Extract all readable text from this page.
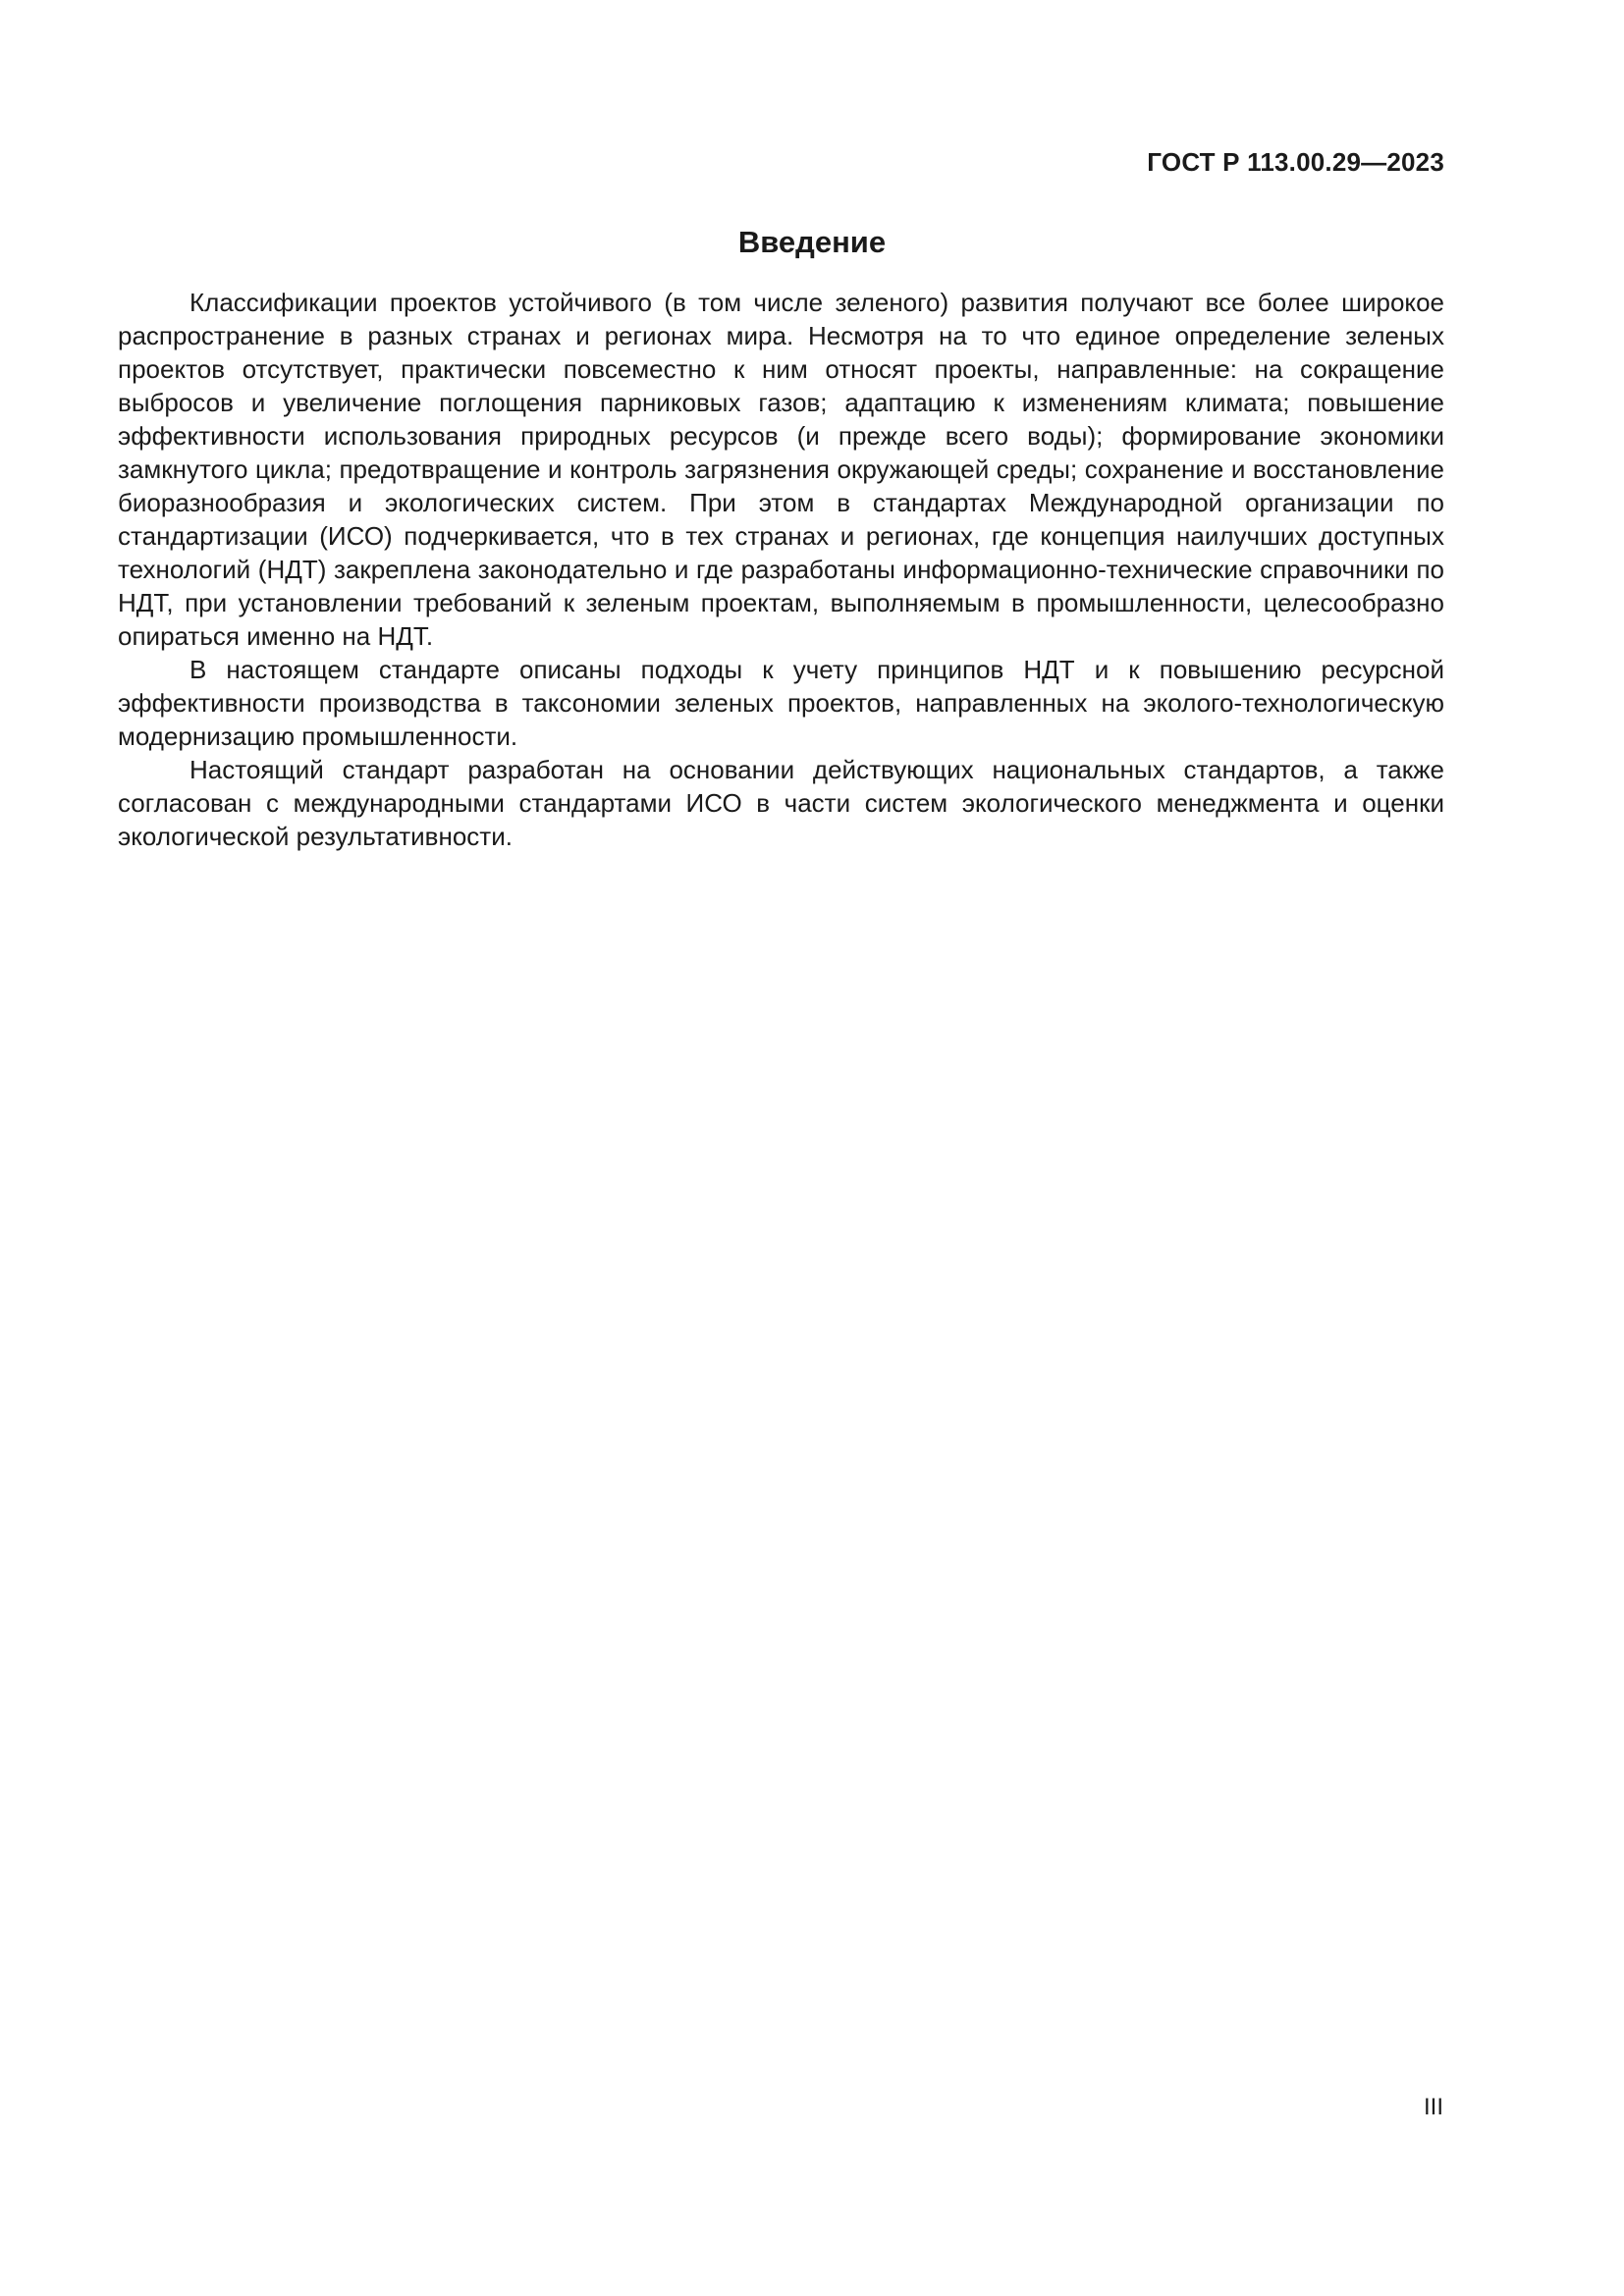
ГОСТ Р 113.00.29—2023
Введение

Классификации проектов устойчивого (в том числе зеленого) развития получают все более широкое распространение в разных странах и регионах мира. Несмотря на то что единое определение зеленых проектов отсутствует, практически повсеместно к ним относят проекты, направленные: на сокращение выбросов и увеличение поглощения парниковых газов; адаптацию к изменениям климата; повышение эффективности использования природных ресурсов (и прежде всего воды); формирование экономики замкнутого цикла; предотвращение и контроль загрязнения окружающей среды; сохранение и восстановление биоразнообразия и экологических систем. При этом в стандартах Международной организации по стандартизации (ИСО) подчеркивается, что в тех странах и регионах, где концепция наилучших доступных технологий (НДТ) закреплена законодательно и где разработаны информационно-технические справочники по НДТ, при установлении требований к зеленым проектам, выполняемым в промышленности, целесообразно опираться именно на НДТ.

В настоящем стандарте описаны подходы к учету принципов НДТ и к повышению ресурсной эффективности производства в таксономии зеленых проектов, направленных на эколого-технологическую модернизацию промышленности.

Настоящий стандарт разработан на основании действующих национальных стандартов, а также согласован с международными стандартами ИСО в части систем экологического менеджмента и оценки экологической результативности.

III
